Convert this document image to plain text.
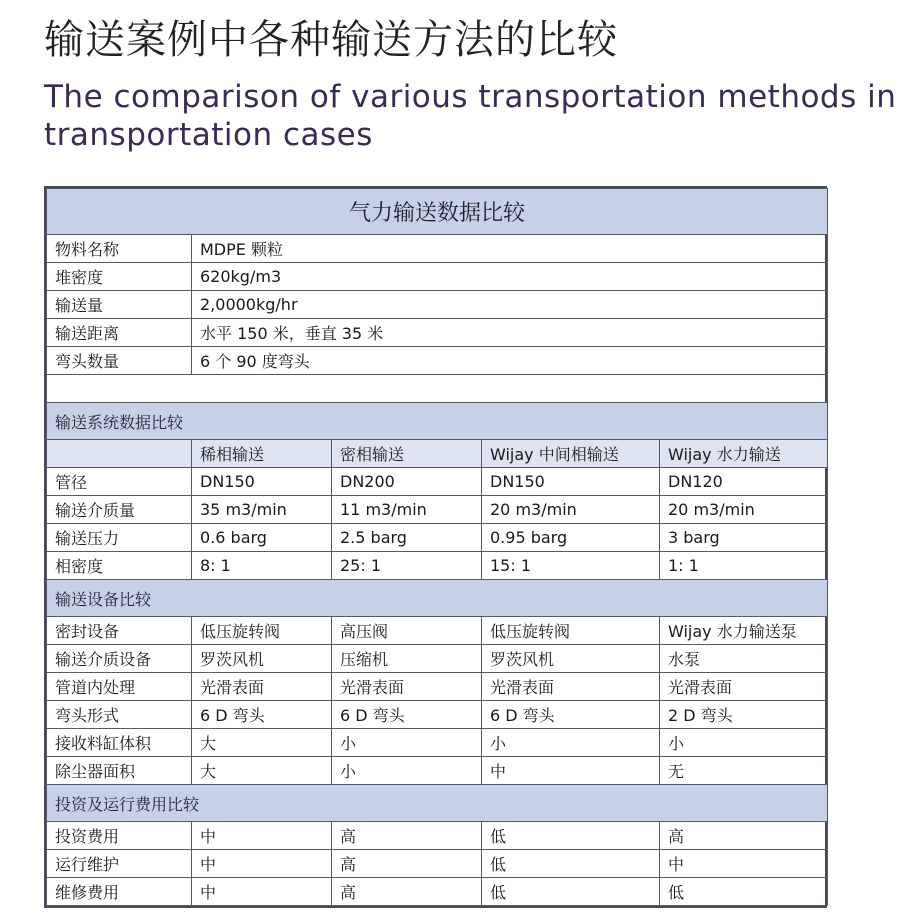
输送案例中各种输送方法的比较
The comparison of various transportation methods in transportation cases
气力输送数据比较				
物料名称	MDPE 颗粒			
堆密度	620kg/m3			
输送量	2,0000kg/hr			
输送距离	水平 150 米，垂直 35 米			
弯头数量	6 个 90 度弯头			

输送系统数据比较				
	稀相输送	密相输送	Wijay 中间相输送	Wijay 水力输送
管径	DN150	DN200	DN150	DN120
输送介质量	35 m3/min	11 m3/min	20 m3/min	20 m3/min
输送压力	0.6 barg	2.5 barg	0.95 barg	3 barg
相密度	8: 1	25: 1	15: 1	1: 1
输送设备比较				
密封设备	低压旋转阀	高压阀	低压旋转阀	Wijay 水力输送泵
输送介质设备	罗茨风机	压缩机	罗茨风机	水泵
管道内处理	光滑表面	光滑表面	光滑表面	光滑表面
弯头形式	6 D 弯头	6 D 弯头	6 D 弯头	2 D 弯头
接收料缸体积	大	小	小	小
除尘器面积	大	小	中	无
投资及运行费用比较				
投资费用	中	高	低	高
运行维护	中	高	低	中
维修费用	中	高	低	低
